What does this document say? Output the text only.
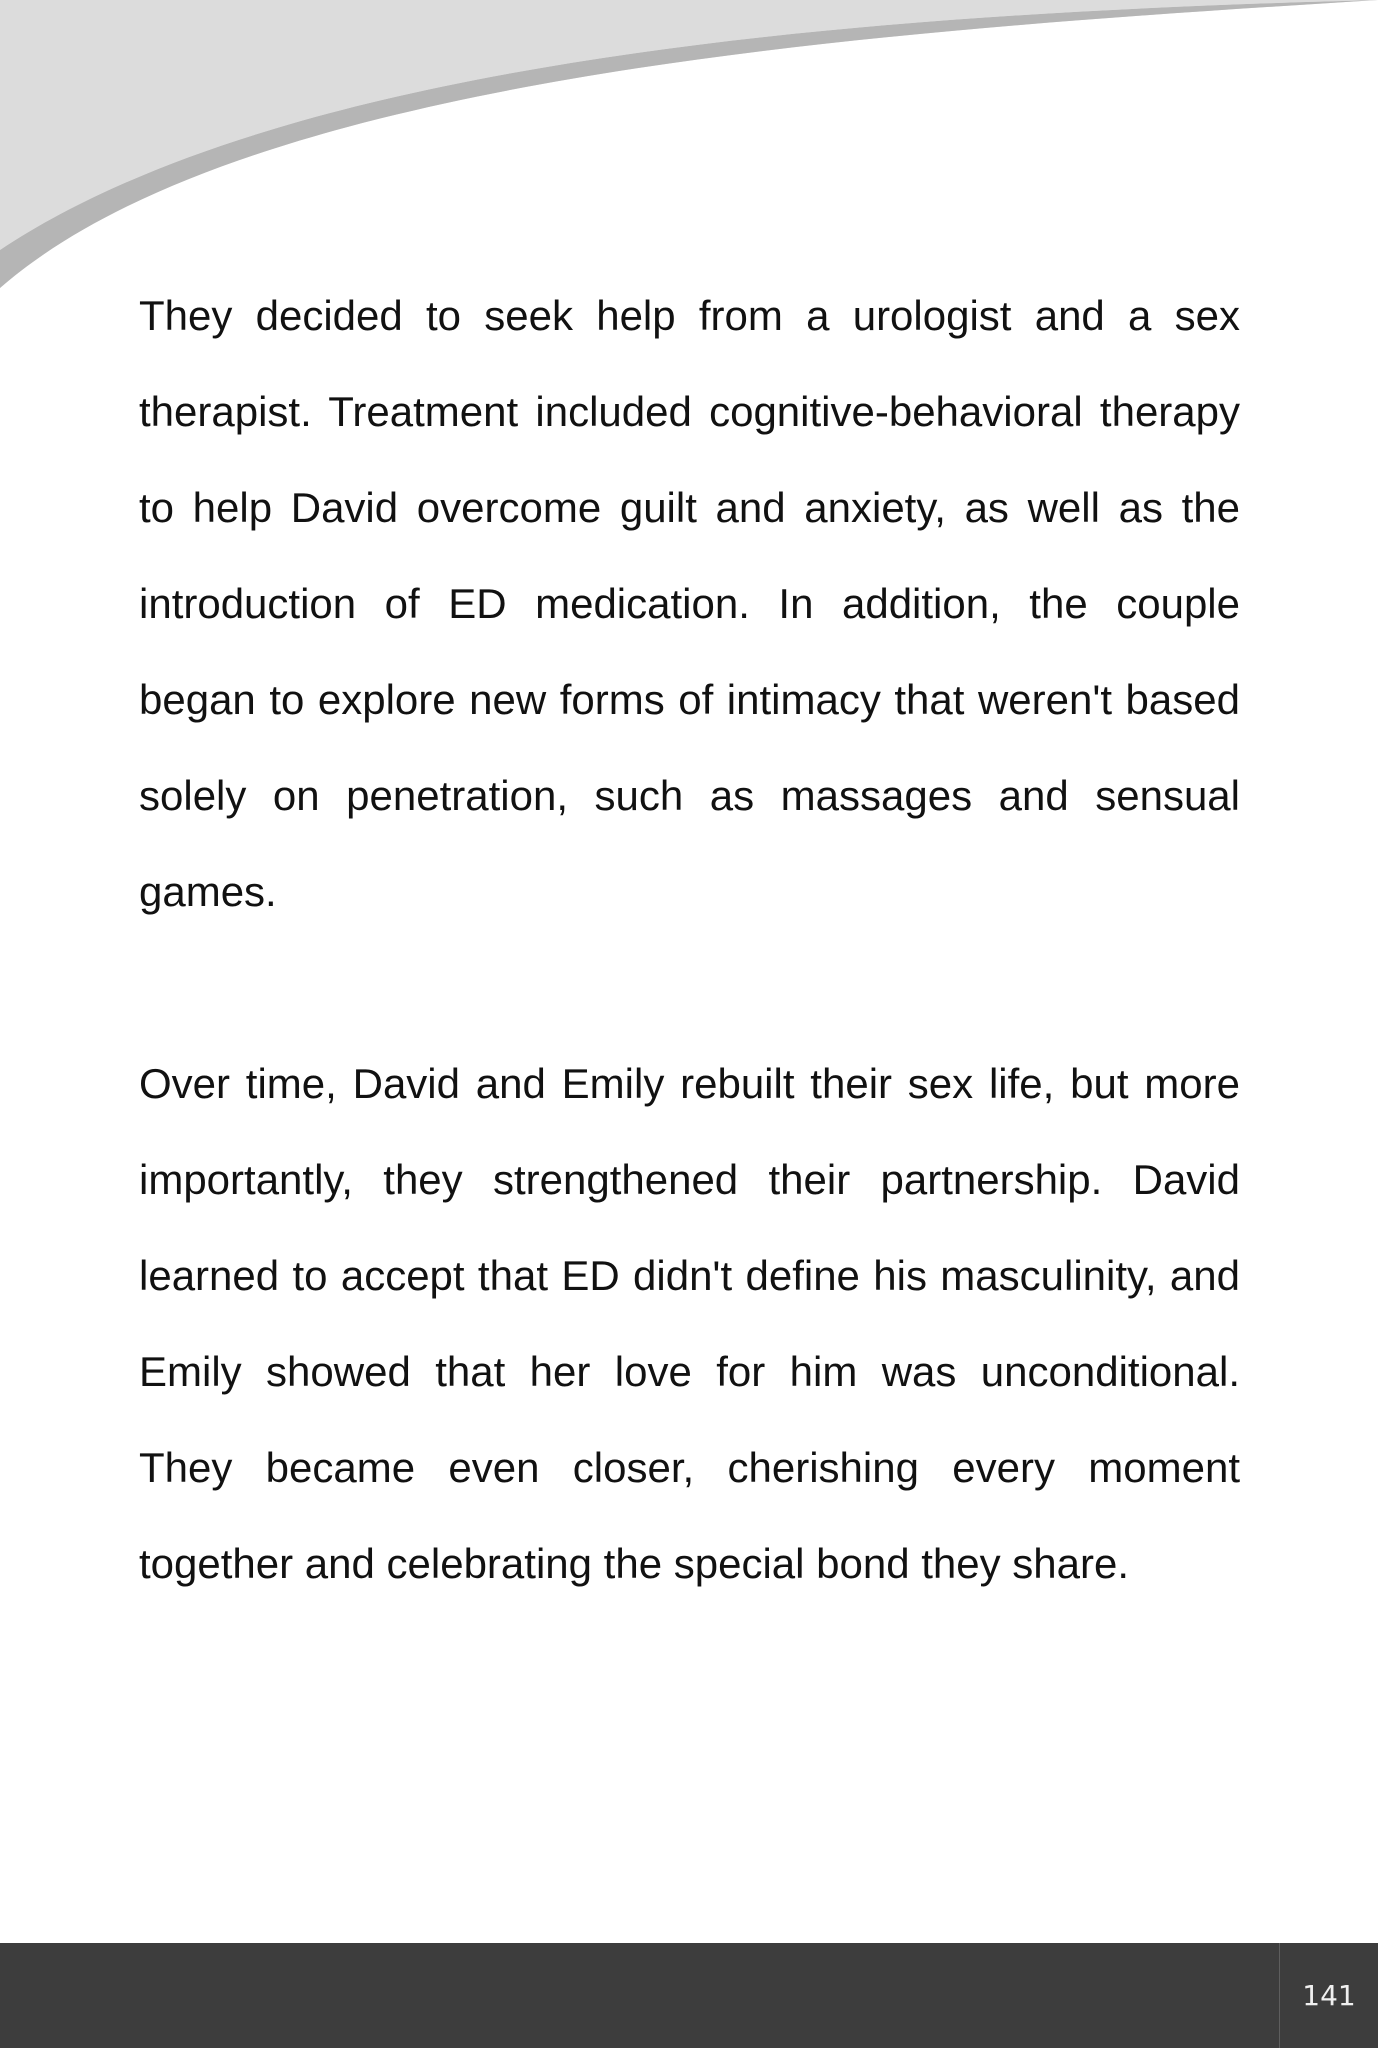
They decided to seek help from a urologist and a sex therapist. Treatment included cognitive-behavioral therapy to help David overcome guilt and anxiety, as well as the introduction of ED medication. In addition, the couple began to explore new forms of intimacy that weren't based solely on penetration, such as massages and sensual games.

Over time, David and Emily rebuilt their sex life, but more importantly, they strengthened their partnership. David learned to accept that ED didn't define his masculinity, and Emily showed that her love for him was unconditional. They became even closer, cherishing every moment together and celebrating the special bond they share.

141
